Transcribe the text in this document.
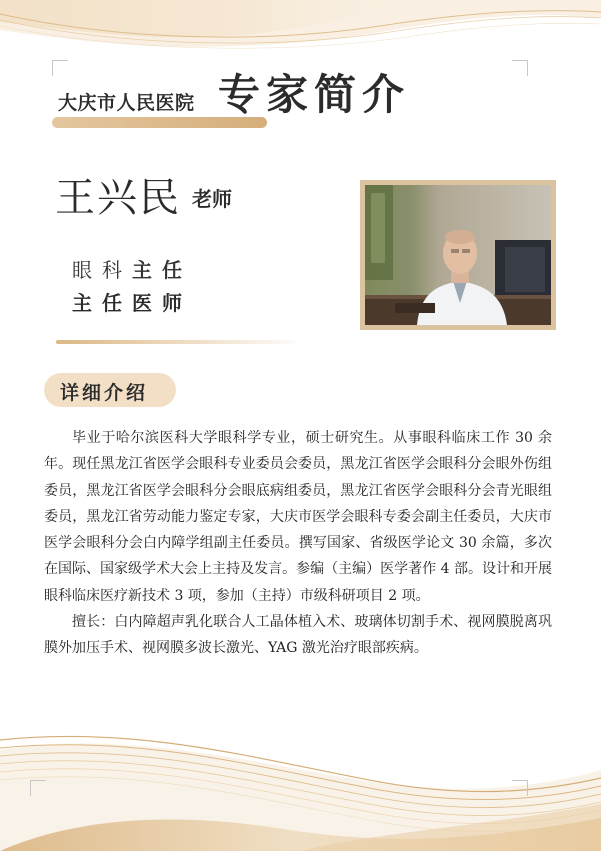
大庆市人民医院 专家简介
王兴民 老师
眼科主任
主任医师
详细介绍

毕业于哈尔滨医科大学眼科学专业，硕士研究生。从事眼科临床工作 30 余年。现任黑龙江省医学会眼科专业委员会委员，黑龙江省医学会眼科分会眼外伤组委员，黑龙江省医学会眼科分会眼底病组委员，黑龙江省医学会眼科分会青光眼组委员，黑龙江省劳动能力鉴定专家，大庆市医学会眼科专委会副主任委员，大庆市医学会眼科分会白内障学组副主任委员。撰写国家、省级医学论文 30 余篇，多次在国际、国家级学术大会上主持及发言。参编（主编）医学著作 4 部。设计和开展眼科临床医疗新技术 3 项，参加（主持）市级科研项目 2 项。

擅长：白内障超声乳化联合人工晶体植入术、玻璃体切割手术、视网膜脱离巩膜外加压手术、视网膜多波长激光、YAG 激光治疗眼部疾病。
